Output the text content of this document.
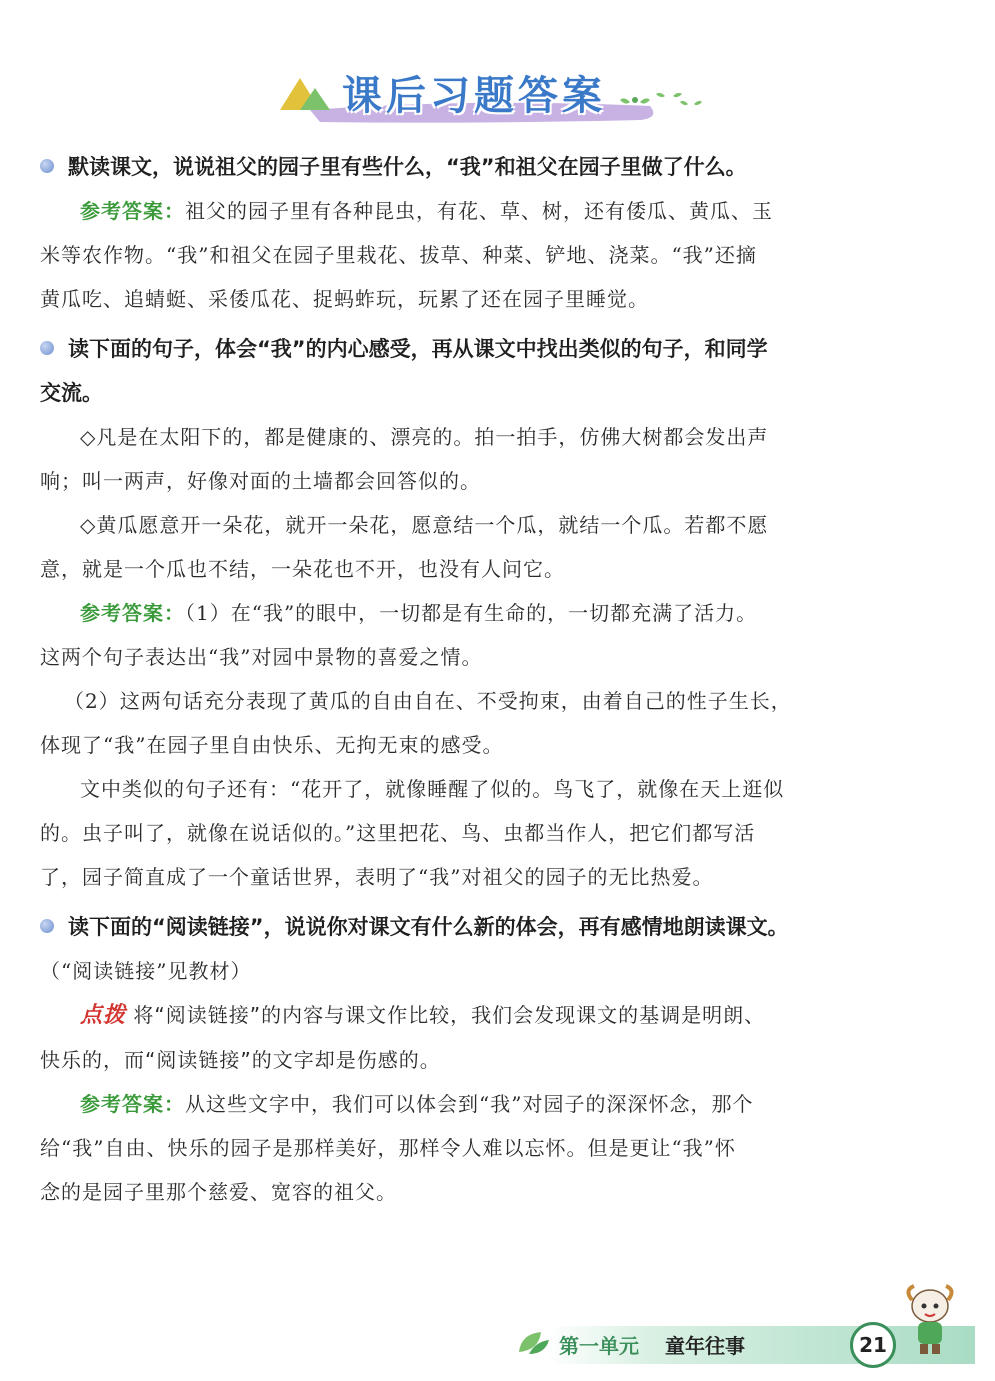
课后习题答案
默读课文，说说祖父的园子里有些什么，“我”和祖父在园子里做了什么。
参考答案：祖父的园子里有各种昆虫，有花、草、树，还有倭瓜、黄瓜、玉
米等农作物。“我”和祖父在园子里栽花、拔草、种菜、铲地、浇菜。“我”还摘
黄瓜吃、追蜻蜓、采倭瓜花、捉蚂蚱玩，玩累了还在园子里睡觉。
读下面的句子，体会“我”的内心感受，再从课文中找出类似的句子，和同学
交流。
◇凡是在太阳下的，都是健康的、漂亮的。拍一拍手，仿佛大树都会发出声
响；叫一两声，好像对面的土墙都会回答似的。
◇黄瓜愿意开一朵花，就开一朵花，愿意结一个瓜，就结一个瓜。若都不愿
意，就是一个瓜也不结，一朵花也不开，也没有人问它。
参考答案：（1）在“我”的眼中，一切都是有生命的，一切都充满了活力。
这两个句子表达出“我”对园中景物的喜爱之情。
（2）这两句话充分表现了黄瓜的自由自在、不受拘束，由着自己的性子生长，
体现了“我”在园子里自由快乐、无拘无束的感受。
文中类似的句子还有：“花开了，就像睡醒了似的。鸟飞了，就像在天上逛似
的。虫子叫了，就像在说话似的。”这里把花、鸟、虫都当作人，把它们都写活
了，园子简直成了一个童话世界，表明了“我”对祖父的园子的无比热爱。
读下面的“阅读链接”，说说你对课文有什么新的体会，再有感情地朗读课文。
（“阅读链接”见教材）
点拨 将“阅读链接”的内容与课文作比较，我们会发现课文的基调是明朗、
快乐的，而“阅读链接”的文字却是伤感的。
参考答案：从这些文字中，我们可以体会到“我”对园子的深深怀念，那个
给“我”自由、快乐的园子是那样美好，那样令人难以忘怀。但是更让“我”怀
念的是园子里那个慈爱、宽容的祖父。
第一单元 童年往事	21
